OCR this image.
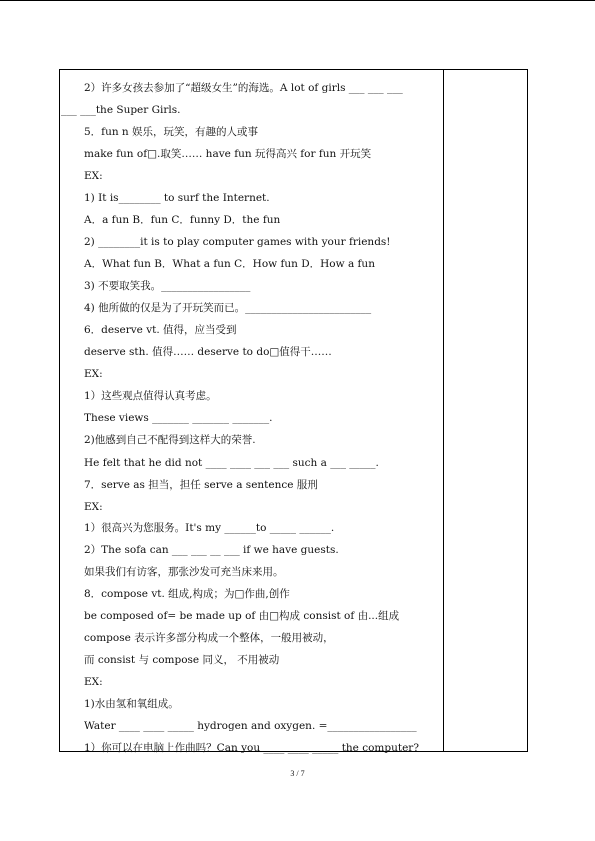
2）许多女孩去参加了“超级女生”的海选。A lot of girls ___ ___ ___
___ ___the Super Girls.
5．fun n 娱乐，玩笑，有趣的人或事
make fun of□.取笑…… have fun 玩得高兴 for fun 开玩笑
EX:
1) It is________ to surf the Internet.
A．a fun B．fun C．funny D．the fun
2) ________it is to play computer games with your friends!
A．What fun B．What a fun C．How fun D．How a fun
3) 不要取笑我。_________________
4) 他所做的仅是为了开玩笑而已。________________________
6．deserve vt. 值得，应当受到
deserve sth. 值得…… deserve to do□值得干……
EX:
1）这些观点值得认真考虑。
These views _______ _______ _______.
2)他感到自己不配得到这样大的荣誉.
He felt that he did not ____ ____ ___ ___ such a ___ _____.
7．serve as 担当，担任 serve a sentence 服刑
EX:
1）很高兴为您服务。It's my ______to _____ ______.
2）The sofa can ___ ___ __ ___ if we have guests.
如果我们有访客，那张沙发可充当床来用。
8．compose vt. 组成,构成；为□作曲,创作
be composed of= be made up of 由□构成 consist of 由...组成
compose 表示许多部分构成一个整体，一般用被动，
而 consist 与 compose 同义， 不用被动
EX:
1)水由氢和氧组成。
Water ____ ____ _____ hydrogen and oxygen. =_________________
1）你可以在电脑上作曲吗？Can you ____ ____ _____ the computer?
3 / 7
